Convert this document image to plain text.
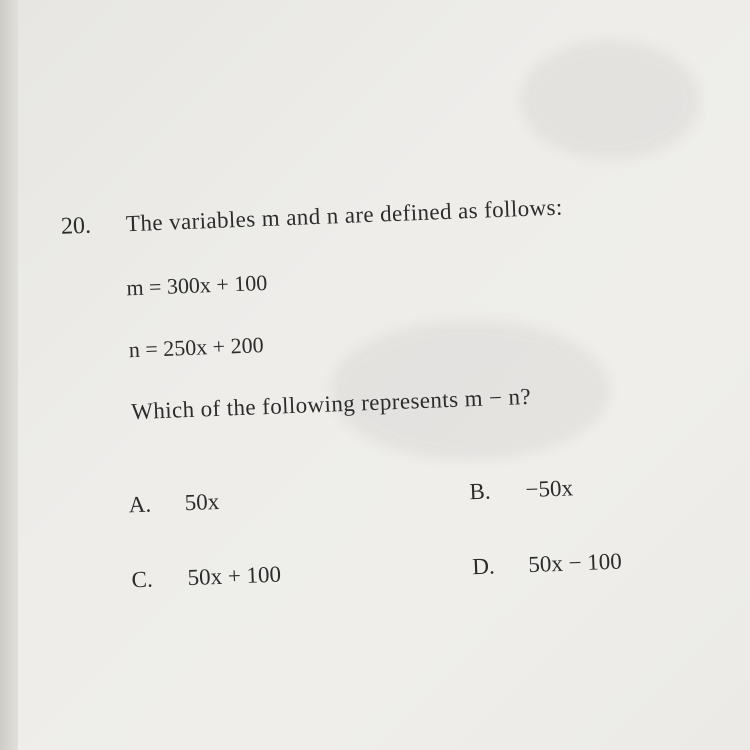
20. The variables m and n are defined as follows:
m = 300x + 100
n = 250x + 200
Which of the following represents m − n?
A. 50x	B. −50x
C. 50x + 100	D. 50x − 100
